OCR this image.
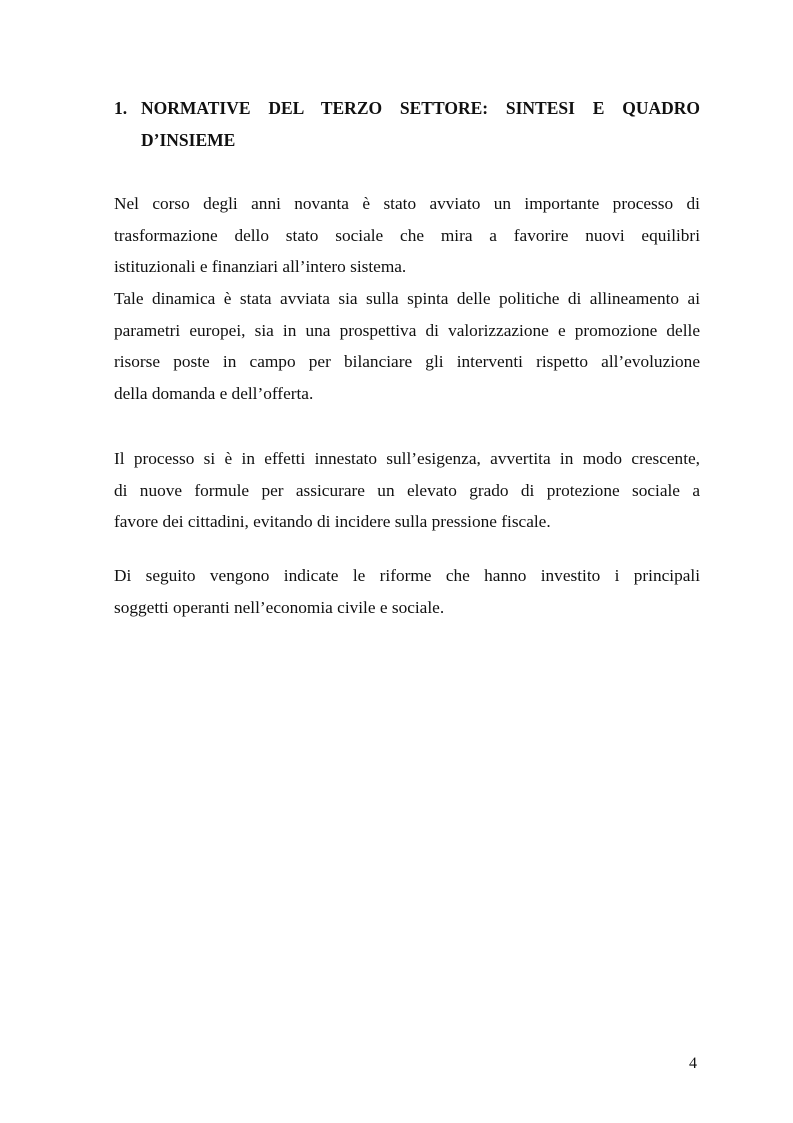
1. NORMATIVE DEL TERZO SETTORE: SINTESI E QUADRO D’INSIEME

Nel corso degli anni novanta è stato avviato un importante processo di
trasformazione dello stato sociale che mira a favorire nuovi equilibri
istituzionali e finanziari all’intero sistema.

Tale dinamica è stata avviata sia sulla spinta delle politiche di allineamento ai
parametri europei, sia in una prospettiva di valorizzazione e promozione delle
risorse poste in campo per bilanciare gli interventi rispetto all’evoluzione
della domanda e dell’offerta.

Il processo si è in effetti innestato sull’esigenza, avvertita in modo crescente,
di nuove formule per assicurare un elevato grado di protezione sociale a
favore dei cittadini, evitando di incidere sulla pressione fiscale.

Di seguito vengono indicate le riforme che hanno investito i principali
soggetti operanti nell’economia civile e sociale.

4
